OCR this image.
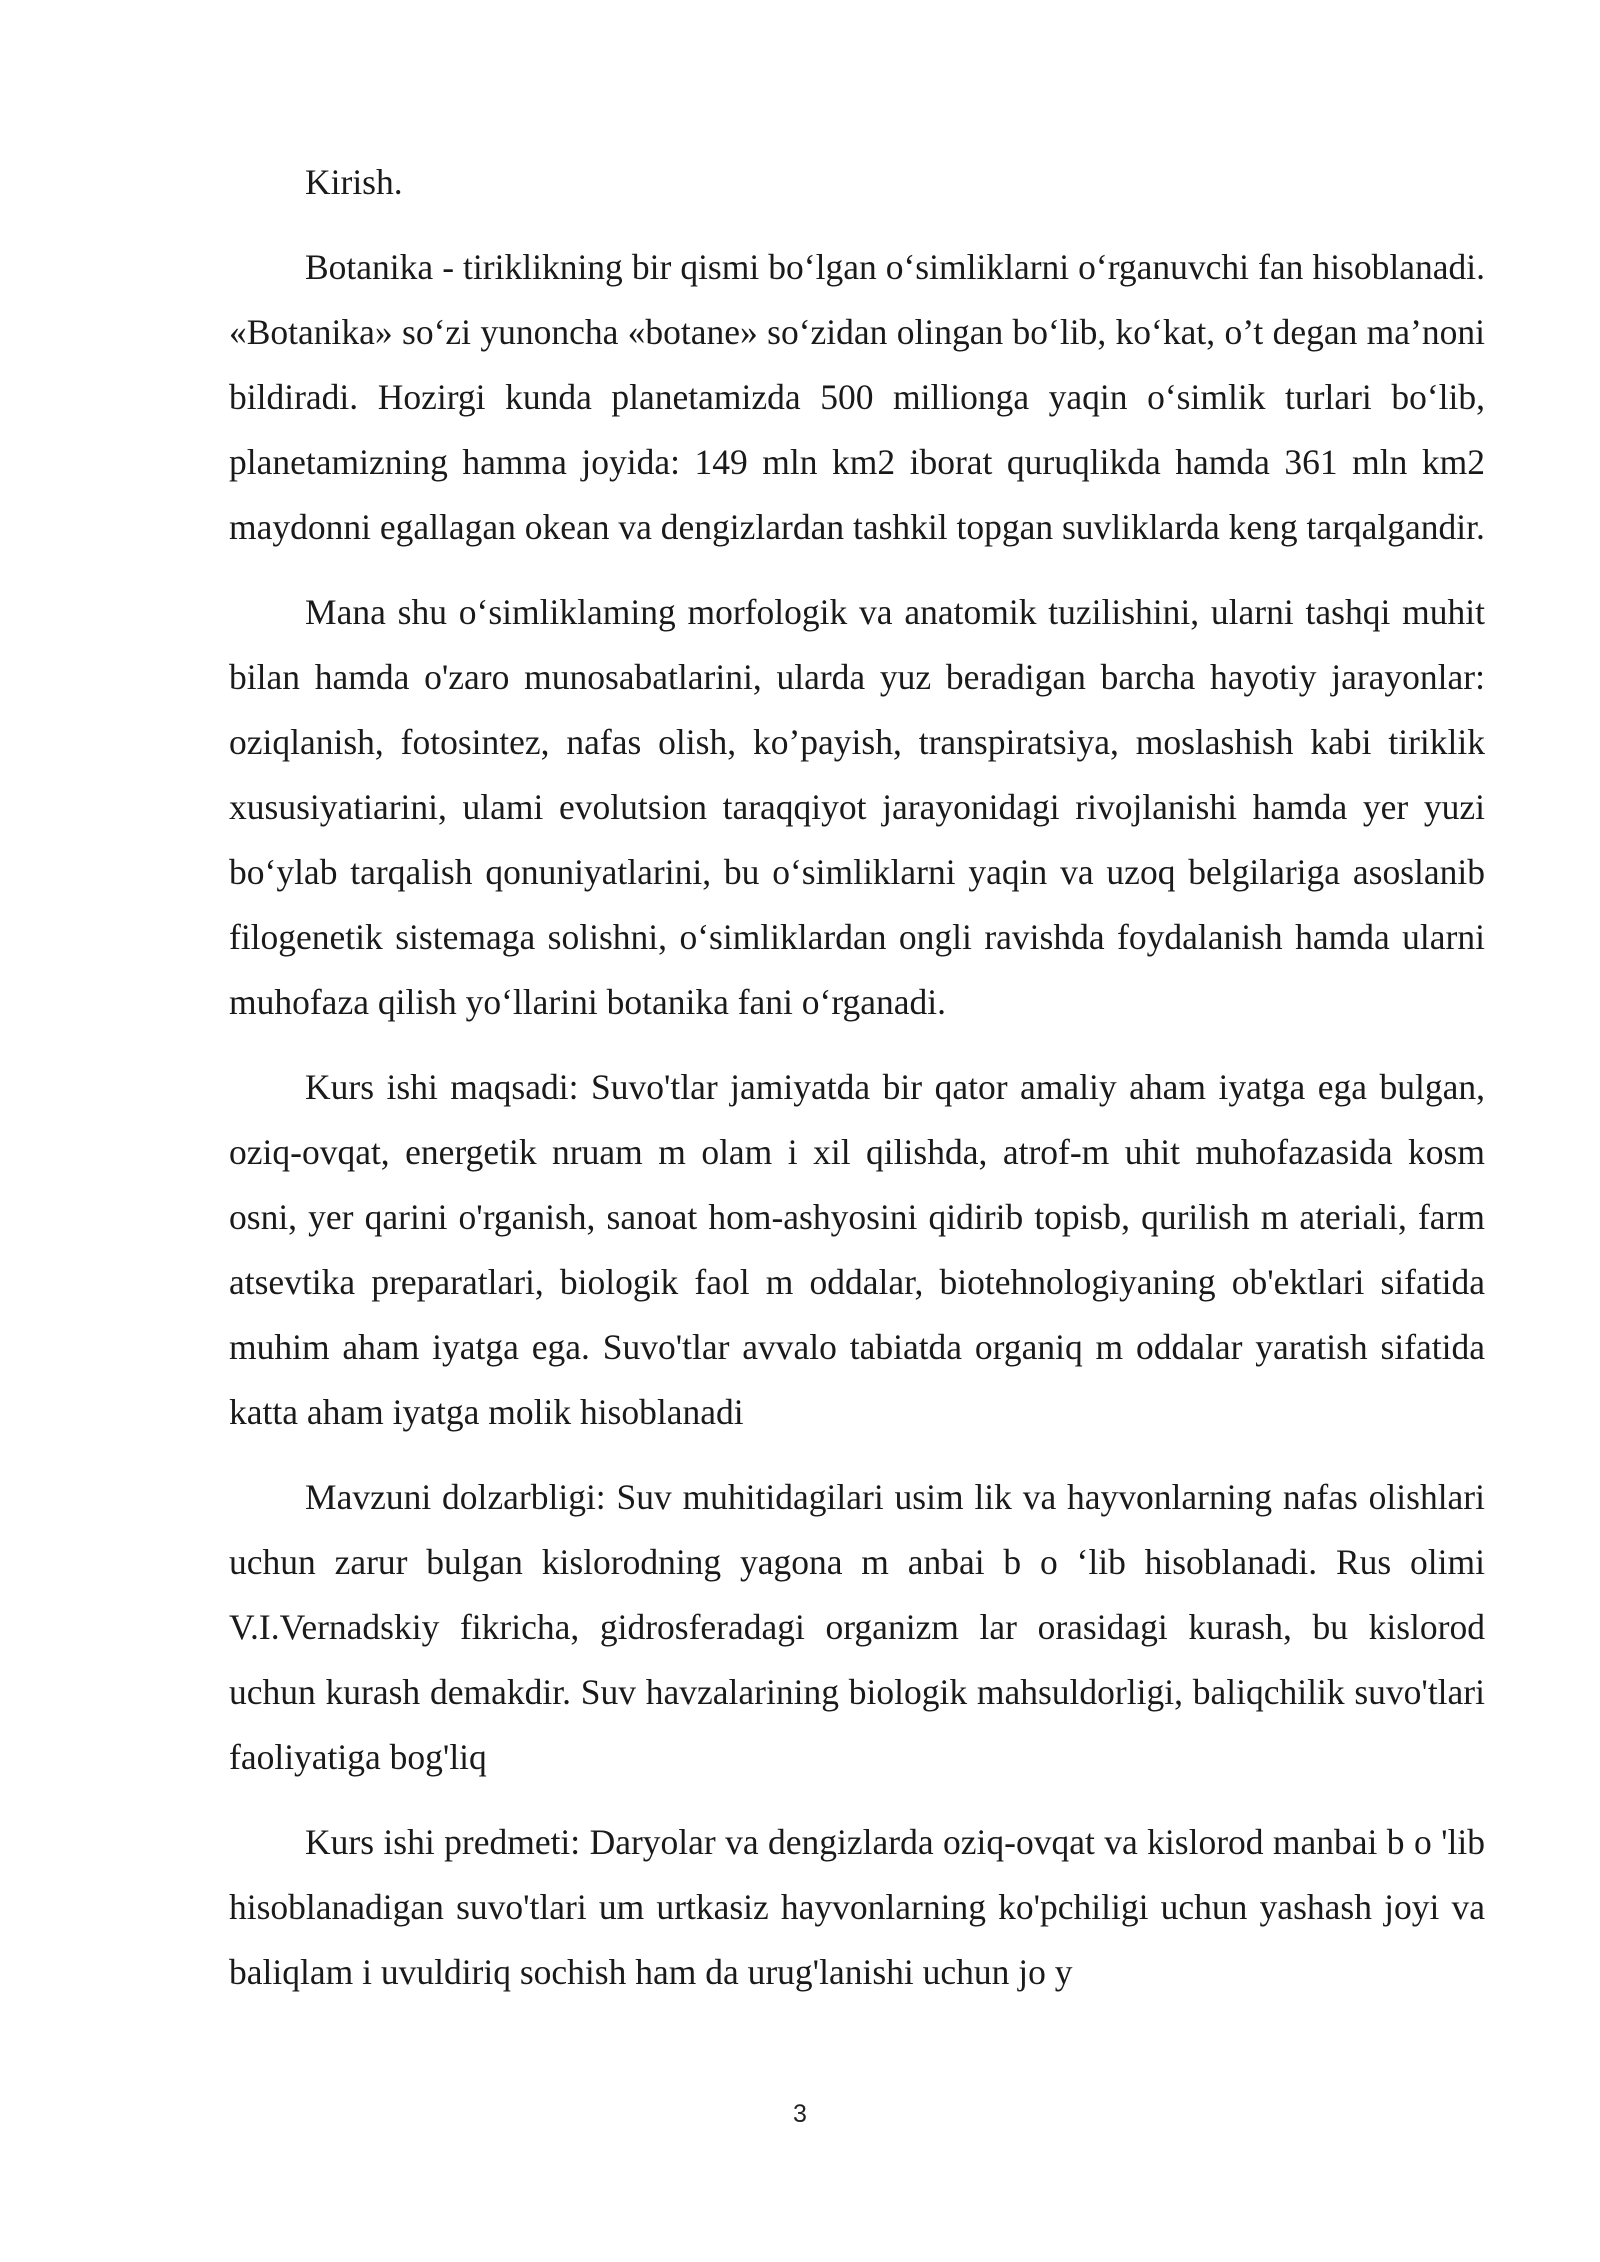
Kirish.

Botanika - tiriklikning bir qismi bo‘lgan o‘simliklarni o‘rganuvchi fan hisoblanadi. «Botanika» so‘zi yunoncha «botane» so‘zidan olingan bo‘lib, ko‘kat, o’t degan ma’noni bildiradi. Hozirgi kunda planetamizda 500 millionga yaqin o‘simlik turlari bo‘lib, planetamizning hamma joyida: 149 mln km2 iborat quruqlikda hamda 361 mln km2 maydonni egallagan okean va dengizlardan tashkil topgan suvliklarda keng tarqalgandir.

Mana shu o‘simliklaming morfologik va anatomik tuzilishini, ularni tashqi muhit bilan hamda o'zaro munosabatlarini, ularda yuz beradigan barcha hayotiy jarayonlar: oziqlanish, fotosintez, nafas olish, ko’payish, transpiratsiya, moslashish kabi tiriklik xususiyatiarini, ulami evolutsion taraqqiyot jarayonidagi rivojlanishi hamda yer yuzi bo‘ylab tarqalish qonuniyatlarini, bu o‘simliklarni yaqin va uzoq belgilariga asoslanib filogenetik sistemaga solishni, o‘simliklardan ongli ravishda foydalanish hamda ularni muhofaza qilish yo‘llarini botanika fani o‘rganadi.

Kurs ishi maqsadi: Suvo'tlar jamiyatda bir qator amaliy aham iyatga ega bulgan, oziq-ovqat, energetik nruam m olam i xil qilishda, atrof-m uhit muhofazasida kosm osni, yer qarini o'rganish, sanoat hom-ashyosini qidirib topisb, qurilish m ateriali, farm atsevtika preparatlari, biologik faol m oddalar, biotehnologiyaning ob'ektlari sifatida muhim aham iyatga ega. Suvo'tlar avvalo tabiatda organiq m oddalar yaratish sifatida katta aham iyatga molik hisoblanadi

Mavzuni dolzarbligi: Suv muhitidagilari usim lik va hayvonlarning nafas olishlari uchun zarur bulgan kislorodning yagona m anbai b o ‘lib hisoblanadi. Rus olimi V.I.Vernadskiy fikricha, gidrosferadagi organizm lar orasidagi kurash, bu kislorod uchun kurash demakdir. Suv havzalarining biologik mahsuldorligi, baliqchilik suvo'tlari faoliyatiga bog'liq

Kurs ishi predmeti: Daryolar va dengizlarda oziq-ovqat va kislorod manbai b o 'lib hisoblanadigan suvo'tlari um urtkasiz hayvonlarning ko'pchiligi uchun yashash joyi va baliqlam i uvuldiriq sochish ham da urug'lanishi uchun jo y

3
